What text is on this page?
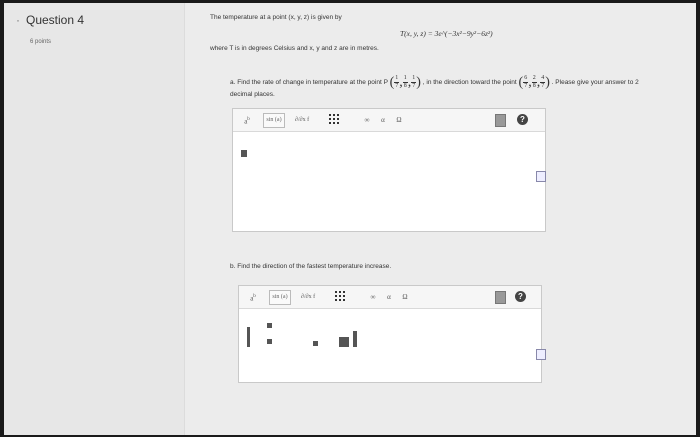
· Question 4
6 points
The temperature at a point (x, y, z) is given by
T(x, y, z) = 3e^(−3x²−9y²−6z²)
where T is in degrees Celsius and x, y and z are in metres.
a. Find the rate of change in temperature at the point P ( $\frac{1}{7}$ , $\frac{1}{8}$ , $\frac{1}{7}$ ) , in the direction toward the point ( $\frac{6}{7}$ , $\frac{2}{8}$ , $\frac{4}{7}$ ) . Please give your answer to 2
decimal places.
$a^b$	sin (a)	∂/∂x f	∞	α	Ω	?
b. Find the direction of the fastest temperature increase.
$a^b$	sin (a)	∂/∂x f	∞	α	Ω	?
